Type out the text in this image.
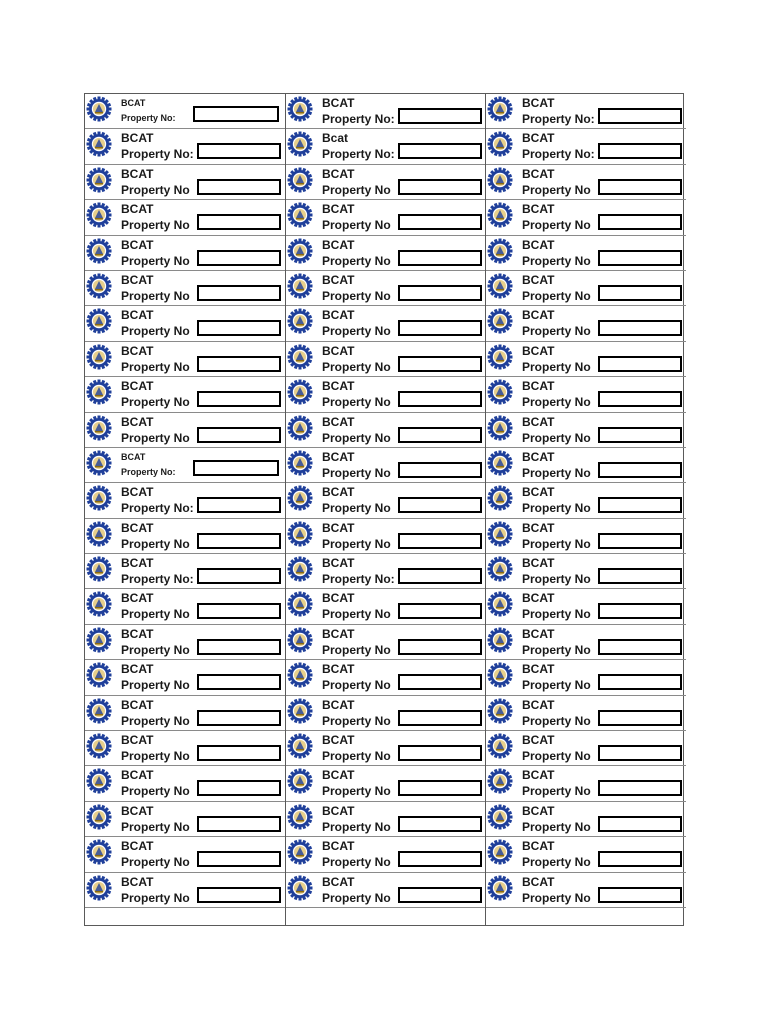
BCAT
Property No:
BCAT
Property No:
BCAT
Property No
BCAT
Property No
BCAT
Property No
BCAT
Property No
BCAT
Property No
BCAT
Property No
BCAT
Property No
BCAT
Property No
BCAT
Property No:
BCAT
Property No:
BCAT
Property No
BCAT
Property No:
BCAT
Property No
BCAT
Property No
BCAT
Property No
BCAT
Property No
BCAT
Property No
BCAT
Property No
BCAT
Property No
BCAT
Property No
BCAT
Property No
BCAT
Property No:
Bcat
Property No:
BCAT
Property No
BCAT
Property No
BCAT
Property No
BCAT
Property No
BCAT
Property No
BCAT
Property No
BCAT
Property No
BCAT
Property No
BCAT
Property No
BCAT
Property No
BCAT
Property No
BCAT
Property No:
BCAT
Property No
BCAT
Property No
BCAT
Property No
BCAT
Property No
BCAT
Property No
BCAT
Property No
BCAT
Property No
BCAT
Property No
BCAT
Property No
BCAT
Property No:
BCAT
Property No:
BCAT
Property No
BCAT
Property No
BCAT
Property No
BCAT
Property No
BCAT
Property No
BCAT
Property No
BCAT
Property No
BCAT
Property No
BCAT
Property No
BCAT
Property No
BCAT
Property No
BCAT
Property No
BCAT
Property No
BCAT
Property No
BCAT
Property No
BCAT
Property No
BCAT
Property No
BCAT
Property No
BCAT
Property No
BCAT
Property No
BCAT
Property No
